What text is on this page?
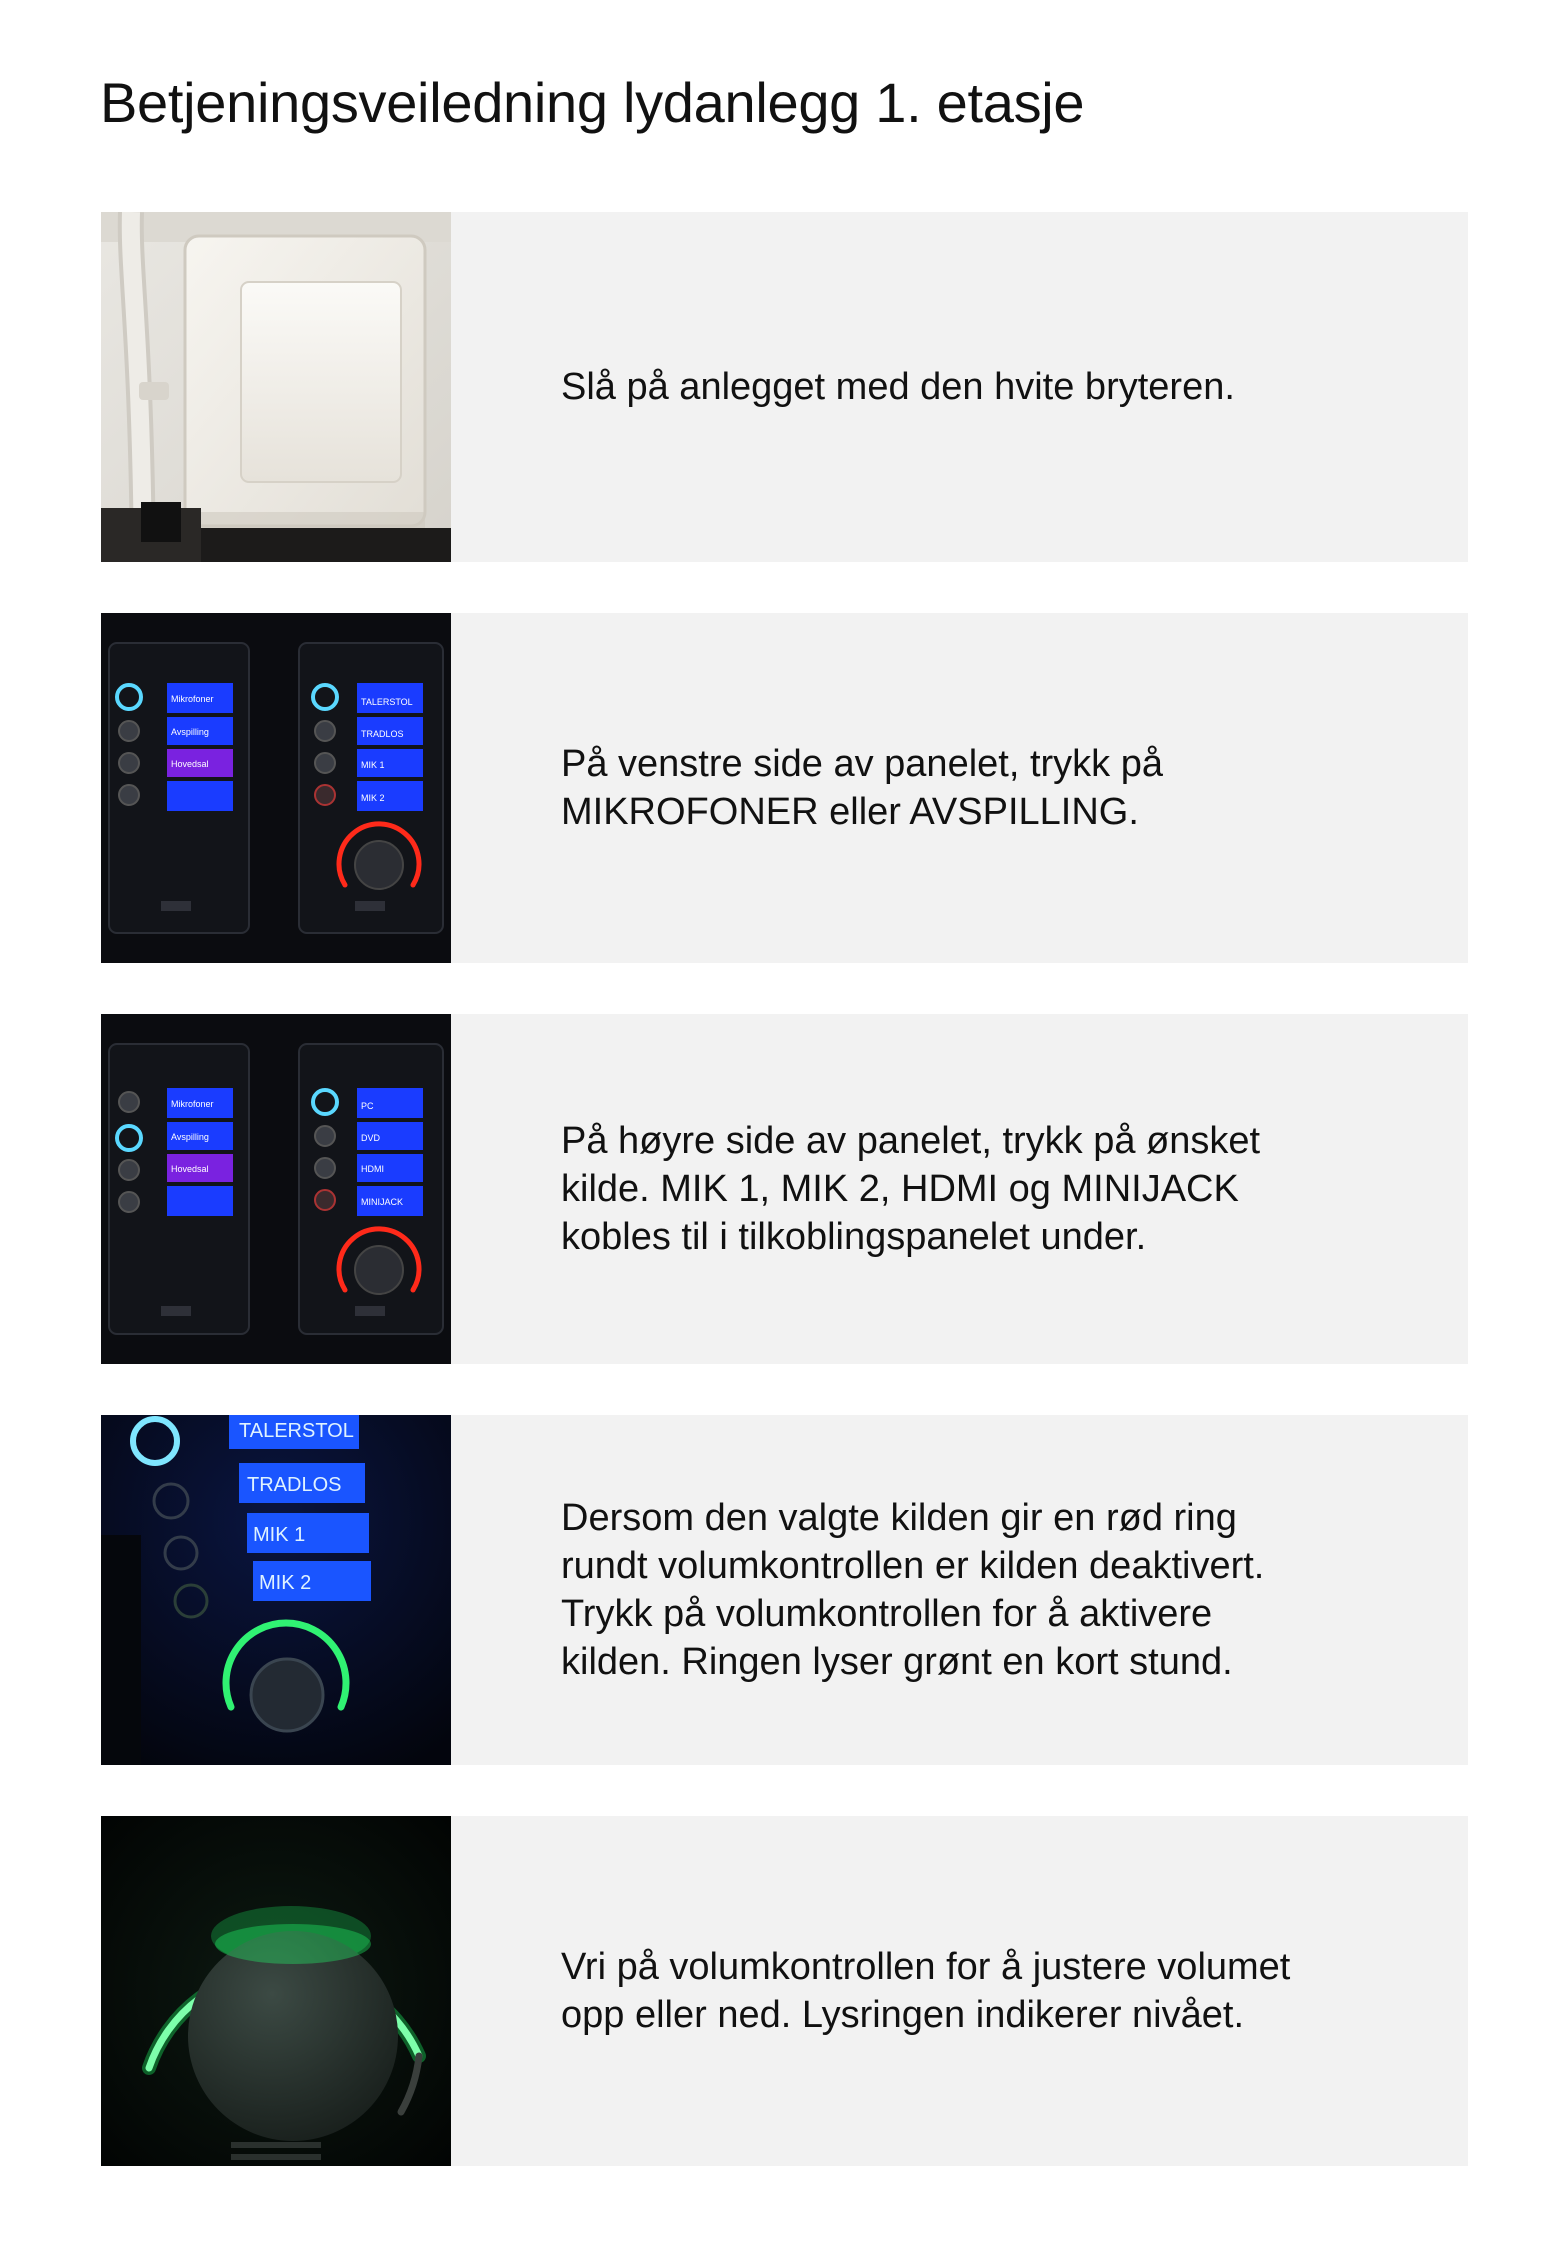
Betjeningsveiledning lydanlegg 1. etasje
Slå på anlegget med den hvite bryteren.
Mikrofoner
Avspilling
Hovedsal
TALERSTOL
TRADLOS
MIK 1
MIK 2
På venstre side av panelet, trykk på
MIKROFONER eller AVSPILLING.
Mikrofoner
Avspilling
Hovedsal
PC
DVD
HDMI
MINIJACK
På høyre side av panelet, trykk på ønsket
kilde. MIK 1, MIK 2, HDMI og MINIJACK
kobles til i tilkoblingspanelet under.
TALERSTOL
TRADLOS
MIK 1
MIK 2
Dersom den valgte kilden gir en rød ring
rundt volumkontrollen er kilden deaktivert.
Trykk på volumkontrollen for å aktivere
kilden. Ringen lyser grønt en kort stund.
Vri på volumkontrollen for å justere volumet
opp eller ned. Lysringen indikerer nivået.
